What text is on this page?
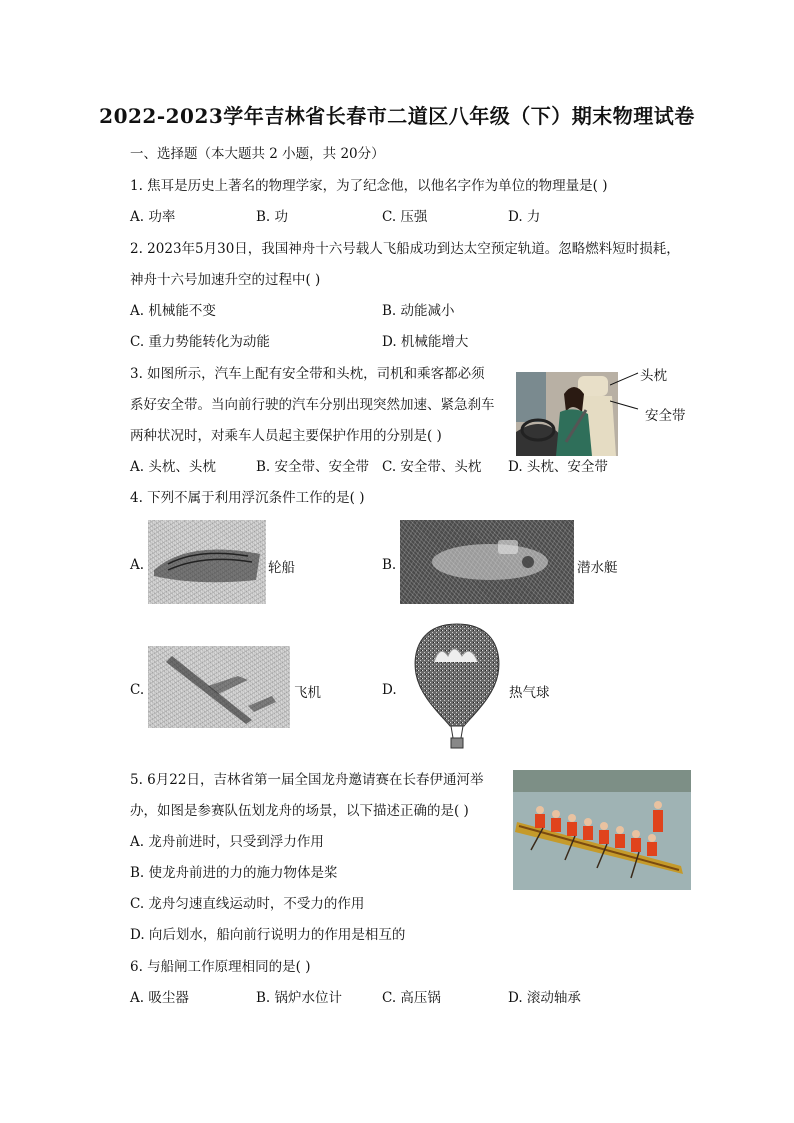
2022-2023学年吉林省长春市二道区八年级（下）期末物理试卷
一、选择题（本大题共 2 小题，共 20分）
1. 焦耳是历史上著名的物理学家，为了纪念他，以他名字作为单位的物理量是( )
A. 功率	B. 功	C. 压强	D. 力
2. 2023年5月30日，我国神舟十六号载人飞船成功到达太空预定轨道。忽略燃料短时损耗，
神舟十六号加速升空的过程中( )
A. 机械能不变	B. 动能减小
C. 重力势能转化为动能	D. 机械能增大
3. 如图所示，汽车上配有安全带和头枕，司机和乘客都必须
系好安全带。当向前行驶的汽车分别出现突然加速、紧急刹车
两种状况时，对乘车人员起主要保护作用的分别是( )
头枕
安全带
A. 头枕、头枕	B. 安全带、安全带 C. 安全带、头枕 D. 头枕、安全带
4. 下列不属于利用浮沉条件工作的是( )
A.	轮船	B.	潜水艇
C.	飞机	D.	热气球
5. 6月22日，吉林省第一届全国龙舟邀请赛在长春伊通河举
办，如图是参赛队伍划龙舟的场景，以下描述正确的是( )
A. 龙舟前进时，只受到浮力作用
B. 使龙舟前进的力的施力物体是桨
C. 龙舟匀速直线运动时，不受力的作用
D. 向后划水，船向前行说明力的作用是相互的
6. 与船闸工作原理相同的是( )
A. 吸尘器	B. 锅炉水位计	C. 高压锅	D. 滚动轴承
